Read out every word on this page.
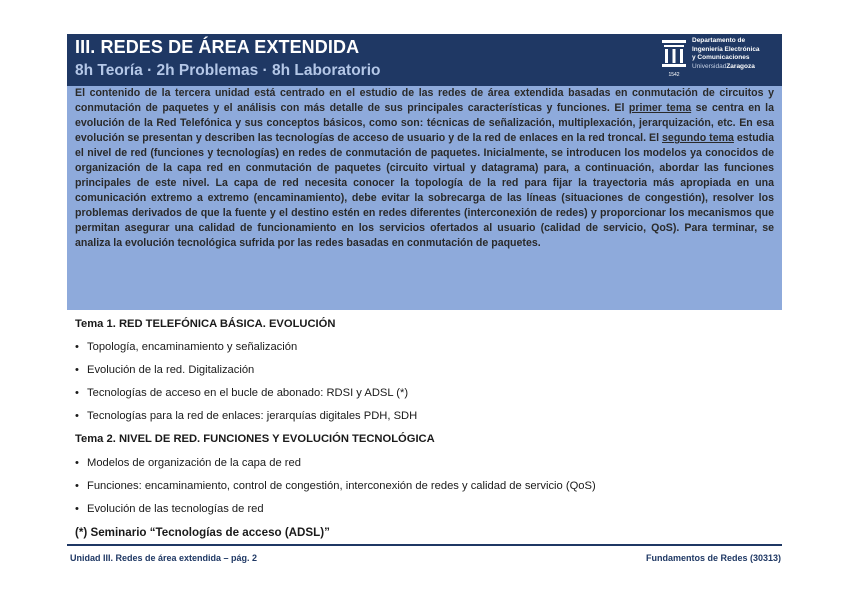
III. REDES DE ÁREA EXTENDIDA
8h Teoría · 2h Problemas · 8h Laboratorio	1542
Departamento de
Ingeniería Electrónica
y Comunicaciones
UniversidadZaragoza

El contenido de la tercera unidad está centrado en el estudio de las redes de área extendida basadas en conmutación de circuitos y conmutación de paquetes y el análisis con más detalle de sus principales características y funciones. El primer tema se centra en la evolución de la Red Telefónica y sus conceptos básicos, como son: técnicas de señalización, multiplexación, jerarquización, etc. En esa evolución se presentan y describen las tecnologías de acceso de usuario y de la red de enlaces en la red troncal. El segundo tema estudia el nivel de red (funciones y tecnologías) en redes de conmutación de paquetes. Inicialmente, se introducen los modelos ya conocidos de organización de la capa red en conmutación de paquetes (circuito virtual y datagrama) para, a continuación, abordar las funciones principales de este nivel. La capa de red necesita conocer la topología de la red para fijar la trayectoria más apropiada en una comunicación extremo a extremo (encaminamiento), debe evitar la sobrecarga de las líneas (situaciones de congestión), resolver los problemas derivados de que la fuente y el destino estén en redes diferentes (interconexión de redes) y proporcionar los mecanismos que permitan asegurar una calidad de funcionamiento en los servicios ofertados al usuario (calidad de servicio, QoS). Para terminar, se analiza la evolución tecnológica sufrida por las redes basadas en conmutación de paquetes.

Tema 1. RED TELEFÓNICA BÁSICA. EVOLUCIÓN
• Topología, encaminamiento y señalización
• Evolución de la red. Digitalización
• Tecnologías de acceso en el bucle de abonado: RDSI y ADSL (*)
• Tecnologías para la red de enlaces: jerarquías digitales PDH, SDH
Tema 2. NIVEL DE RED. FUNCIONES Y EVOLUCIÓN TECNOLÓGICA
• Modelos de organización de la capa de red
• Funciones: encaminamiento, control de congestión, interconexión de redes y calidad de servicio (QoS)
• Evolución de las tecnologías de red
(*) Seminario “Tecnologías de acceso (ADSL)”
Unidad III. Redes de área extendida – pág. 2	Fundamentos de Redes (30313)
